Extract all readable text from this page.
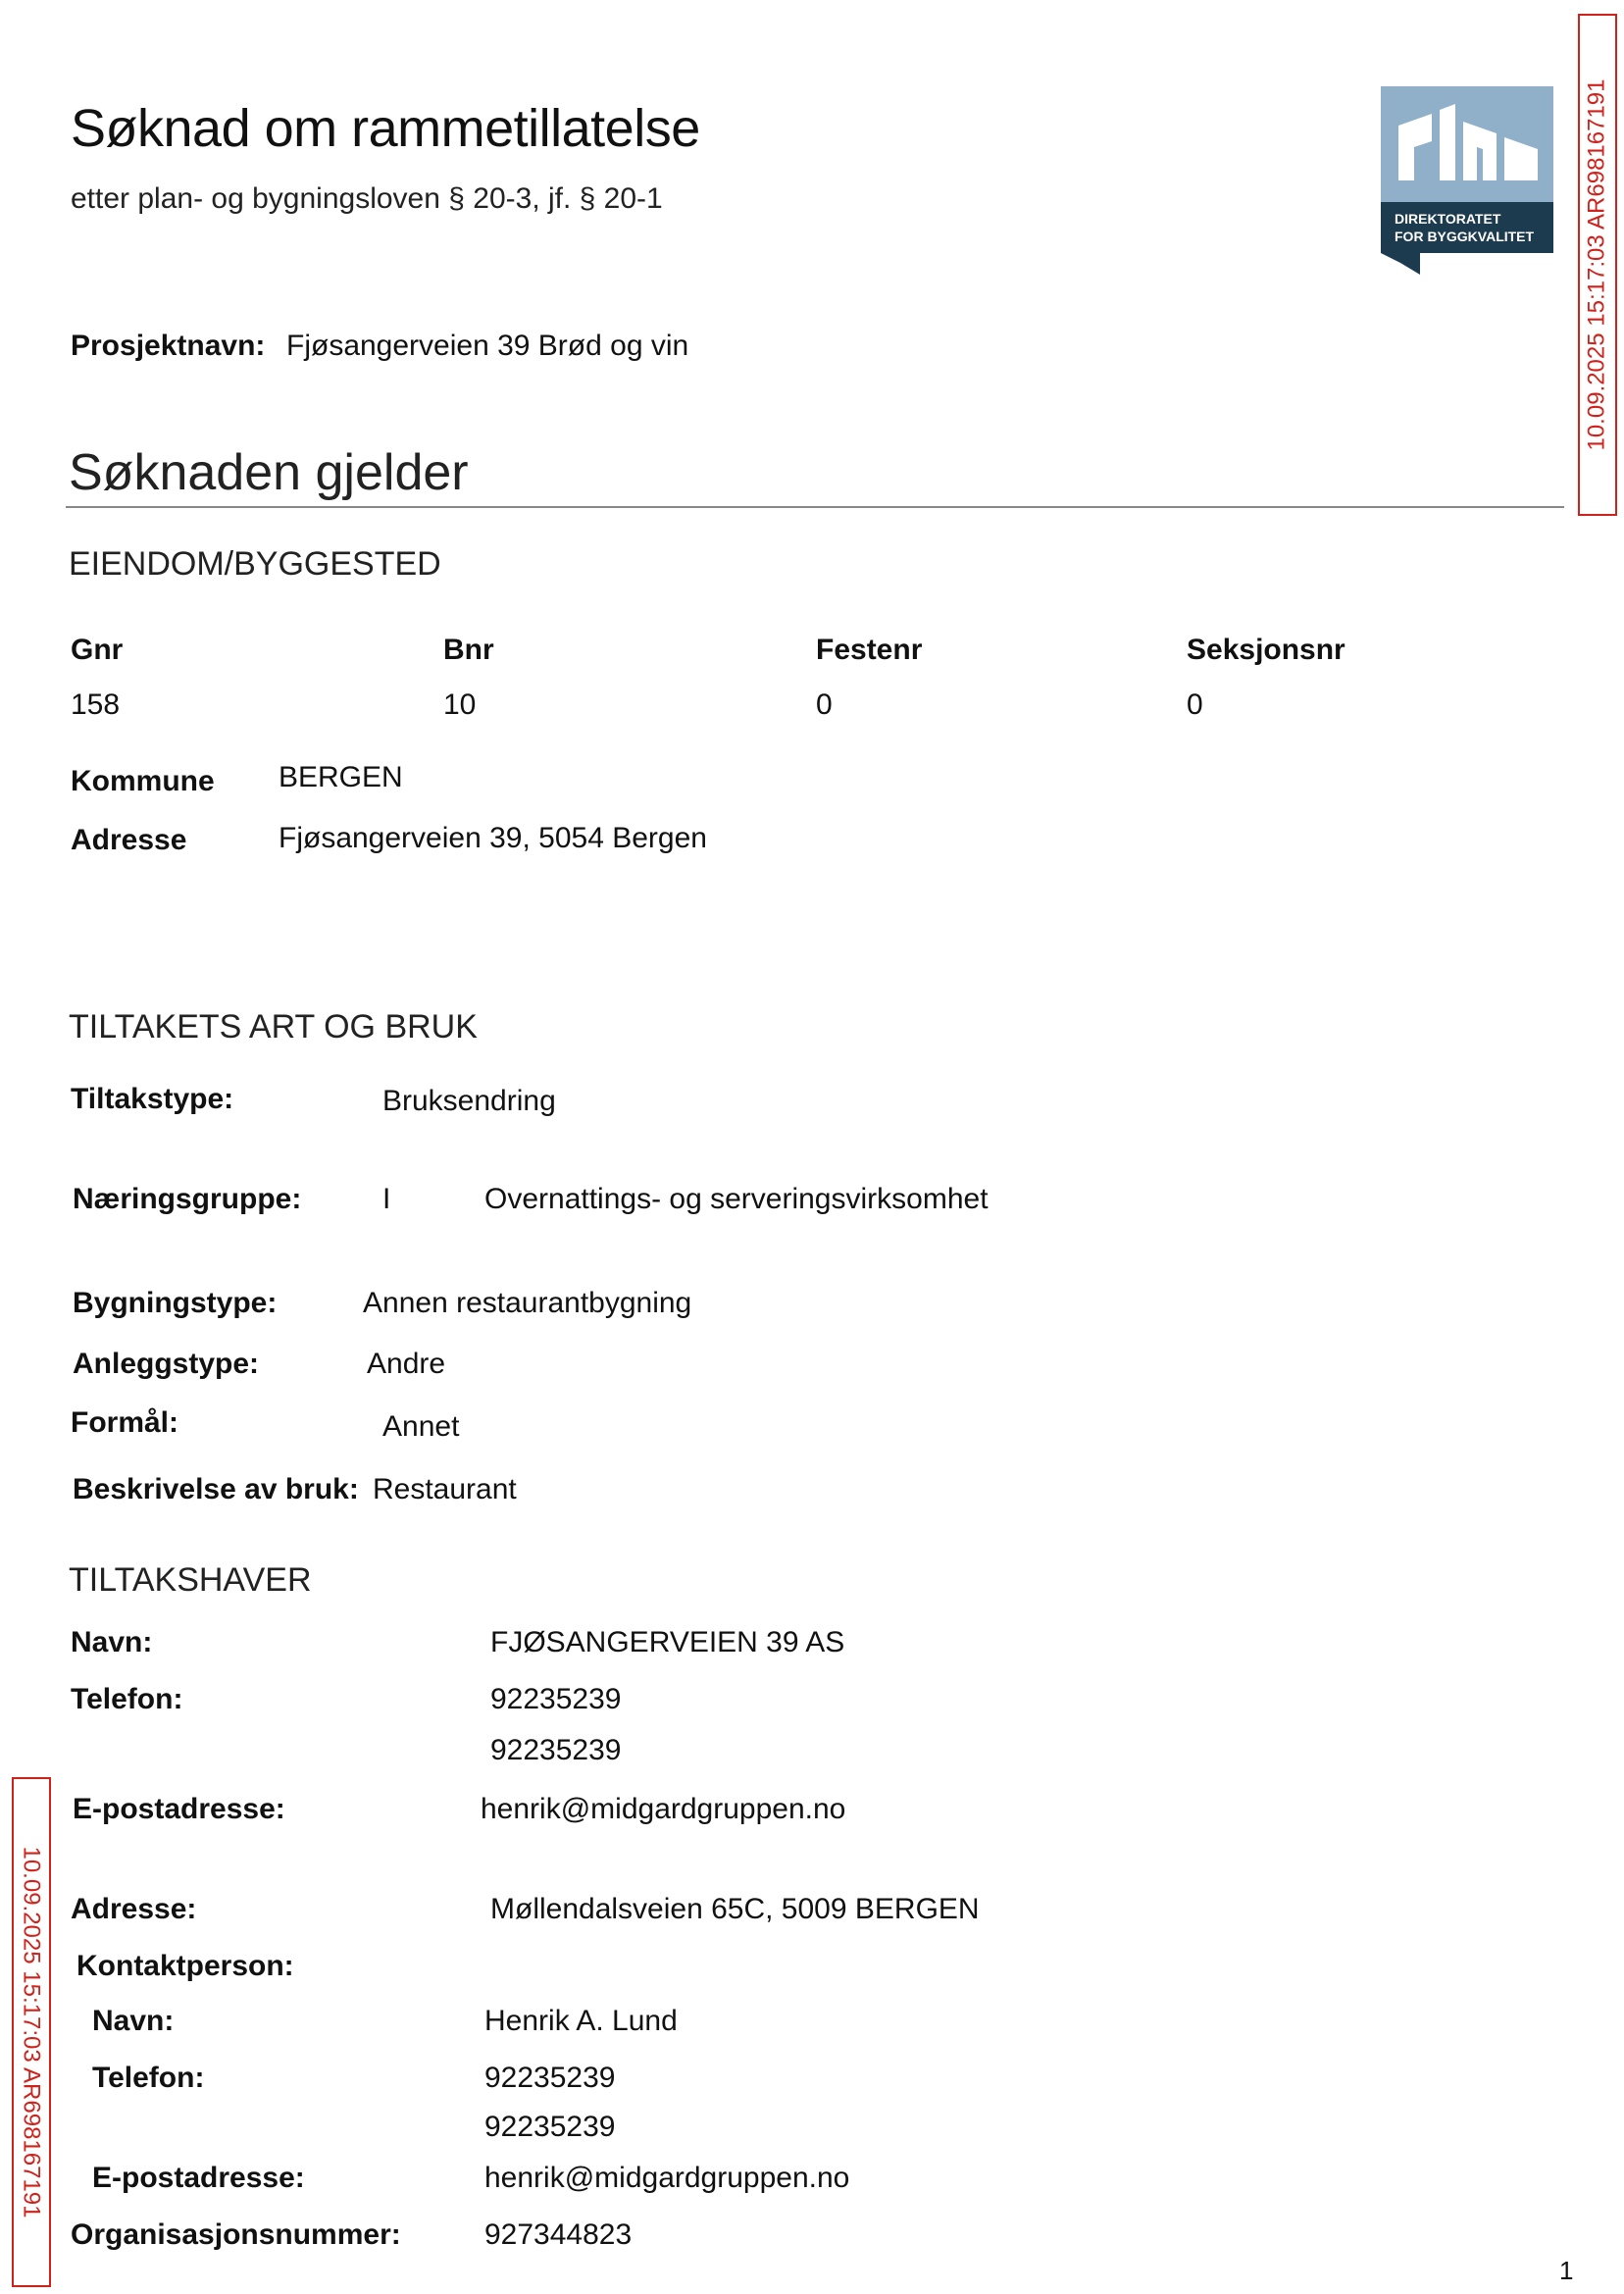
Søknad om rammetillatelse
etter plan- og bygningsloven § 20-3, jf. § 20-1
DIREKTORATET
FOR BYGGKVALITET 10.09.2025 15:17:03 AR698167191
10.09.2025 15:17:03 AR698167191
Prosjektnavn: Fjøsangerveien 39 Brød og vin
Søknaden gjelder
EIENDOM/BYGGESTED
Gnr	Bnr	Festenr	Seksjonsnr
158	10	0	0
Kommune BERGEN
Adresse	Fjøsangerveien 39, 5054 Bergen
TILTAKETS ART OG BRUK
Tiltakstype:	Bruksendring
Næringsgruppe:	I	Overnattings- og serveringsvirksomhet
Bygningstype:	Annen restaurantbygning
Anleggstype:	Andre
Formål:	Annet
Beskrivelse av bruk: Restaurant
TILTAKSHAVER
Navn:	FJØSANGERVEIEN 39 AS
Telefon:	92235239
92235239
E-postadresse:	henrik@midgardgruppen.no
Adresse:	Møllendalsveien 65C, 5009 BERGEN
Kontaktperson:
Navn:	Henrik A. Lund
Telefon:	92235239
92235239
E-postadresse:	henrik@midgardgruppen.no
Organisasjonsnummer:	927344823
1
